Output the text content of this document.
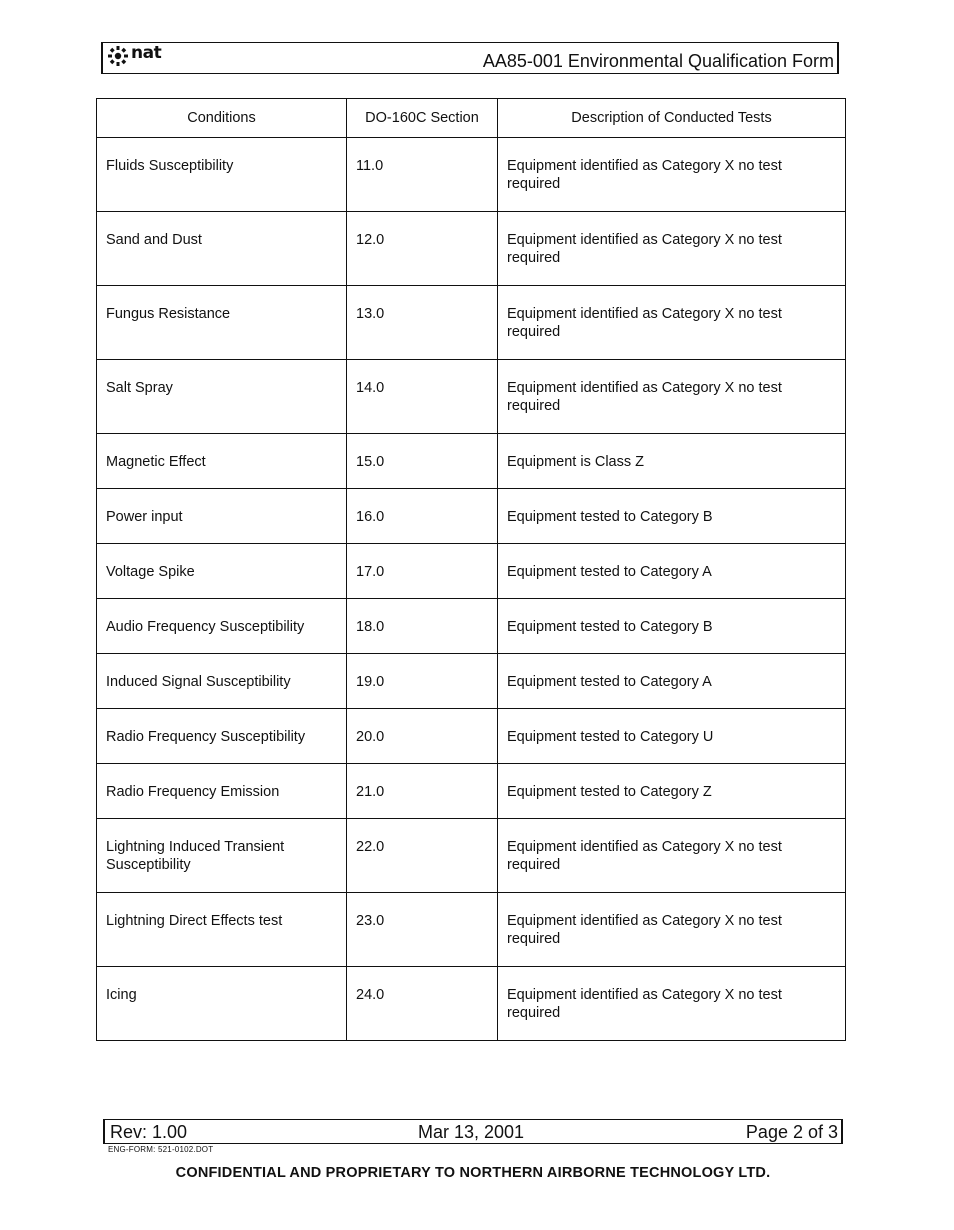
nat	AA85-001 Environmental Qualification Form
Conditions	DO-160C Section	Description of Conducted Tests
Fluids Susceptibility	11.0	Equipment identified as Category X no test required
Sand and Dust	12.0	Equipment identified as Category X no test required
Fungus Resistance	13.0	Equipment identified as Category X no test required
Salt Spray	14.0	Equipment identified as Category X no test required
Magnetic Effect	15.0	Equipment is Class Z
Power input	16.0	Equipment tested to Category B
Voltage Spike	17.0	Equipment tested to Category A
Audio Frequency Susceptibility	18.0	Equipment tested to Category B
Induced Signal Susceptibility	19.0	Equipment tested to Category A
Radio Frequency Susceptibility	20.0	Equipment tested to Category U
Radio Frequency Emission	21.0	Equipment tested to Category Z
Lightning Induced Transient Susceptibility	22.0	Equipment identified as Category X no test required
Lightning Direct Effects test	23.0	Equipment identified as Category X no test required
Icing	24.0	Equipment identified as Category X no test required
Rev: 1.00	Mar 13, 2001	Page 2 of 3
ENG-FORM: 521-0102.DOT
CONFIDENTIAL AND PROPRIETARY TO NORTHERN AIRBORNE TECHNOLOGY LTD.
